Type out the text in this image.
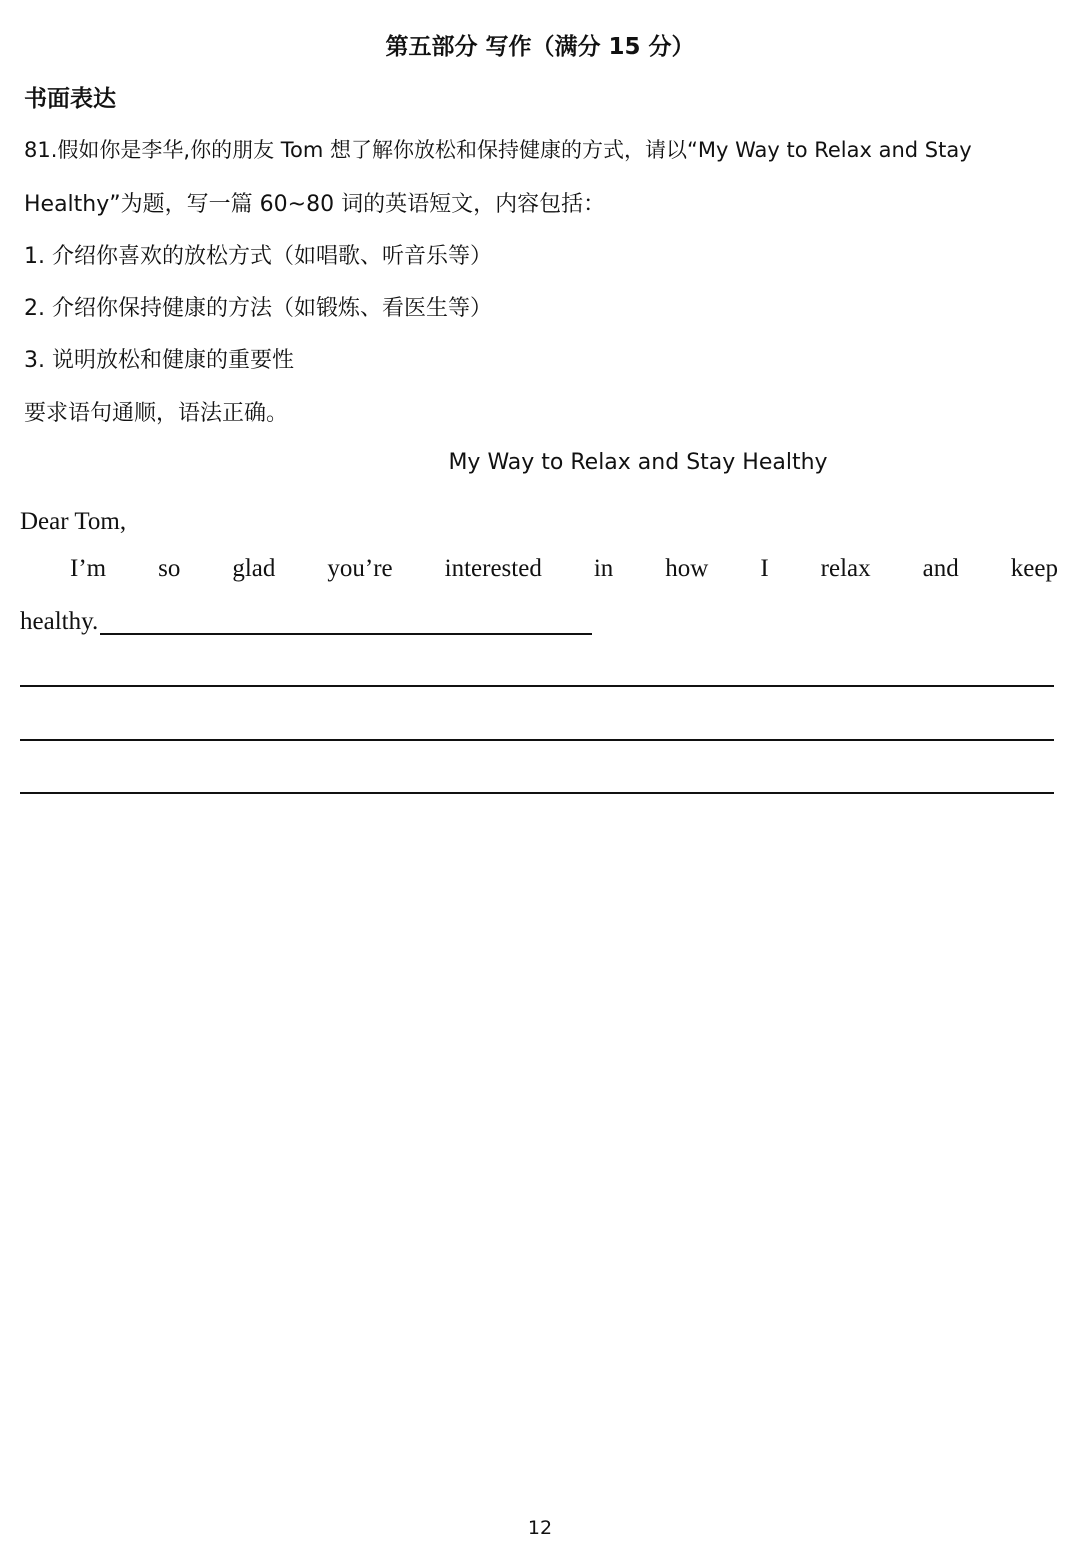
第五部分 写作（满分 15 分）
书面表达
81.假如你是李华,你的朋友 Tom 想了解你放松和保持健康的方式，请以“My Way to Relax and Stay
Healthy”为题，写一篇 60~80 词的英语短文，内容包括：
1. 介绍你喜欢的放松方式（如唱歌、听音乐等）
2. 介绍你保持健康的方法（如锻炼、看医生等）
3. 说明放松和健康的重要性
要求语句通顺，语法正确。
My Way to Relax and Stay Healthy
Dear Tom,
I’m so glad you’re interested in how I relax and keep
healthy.
12
